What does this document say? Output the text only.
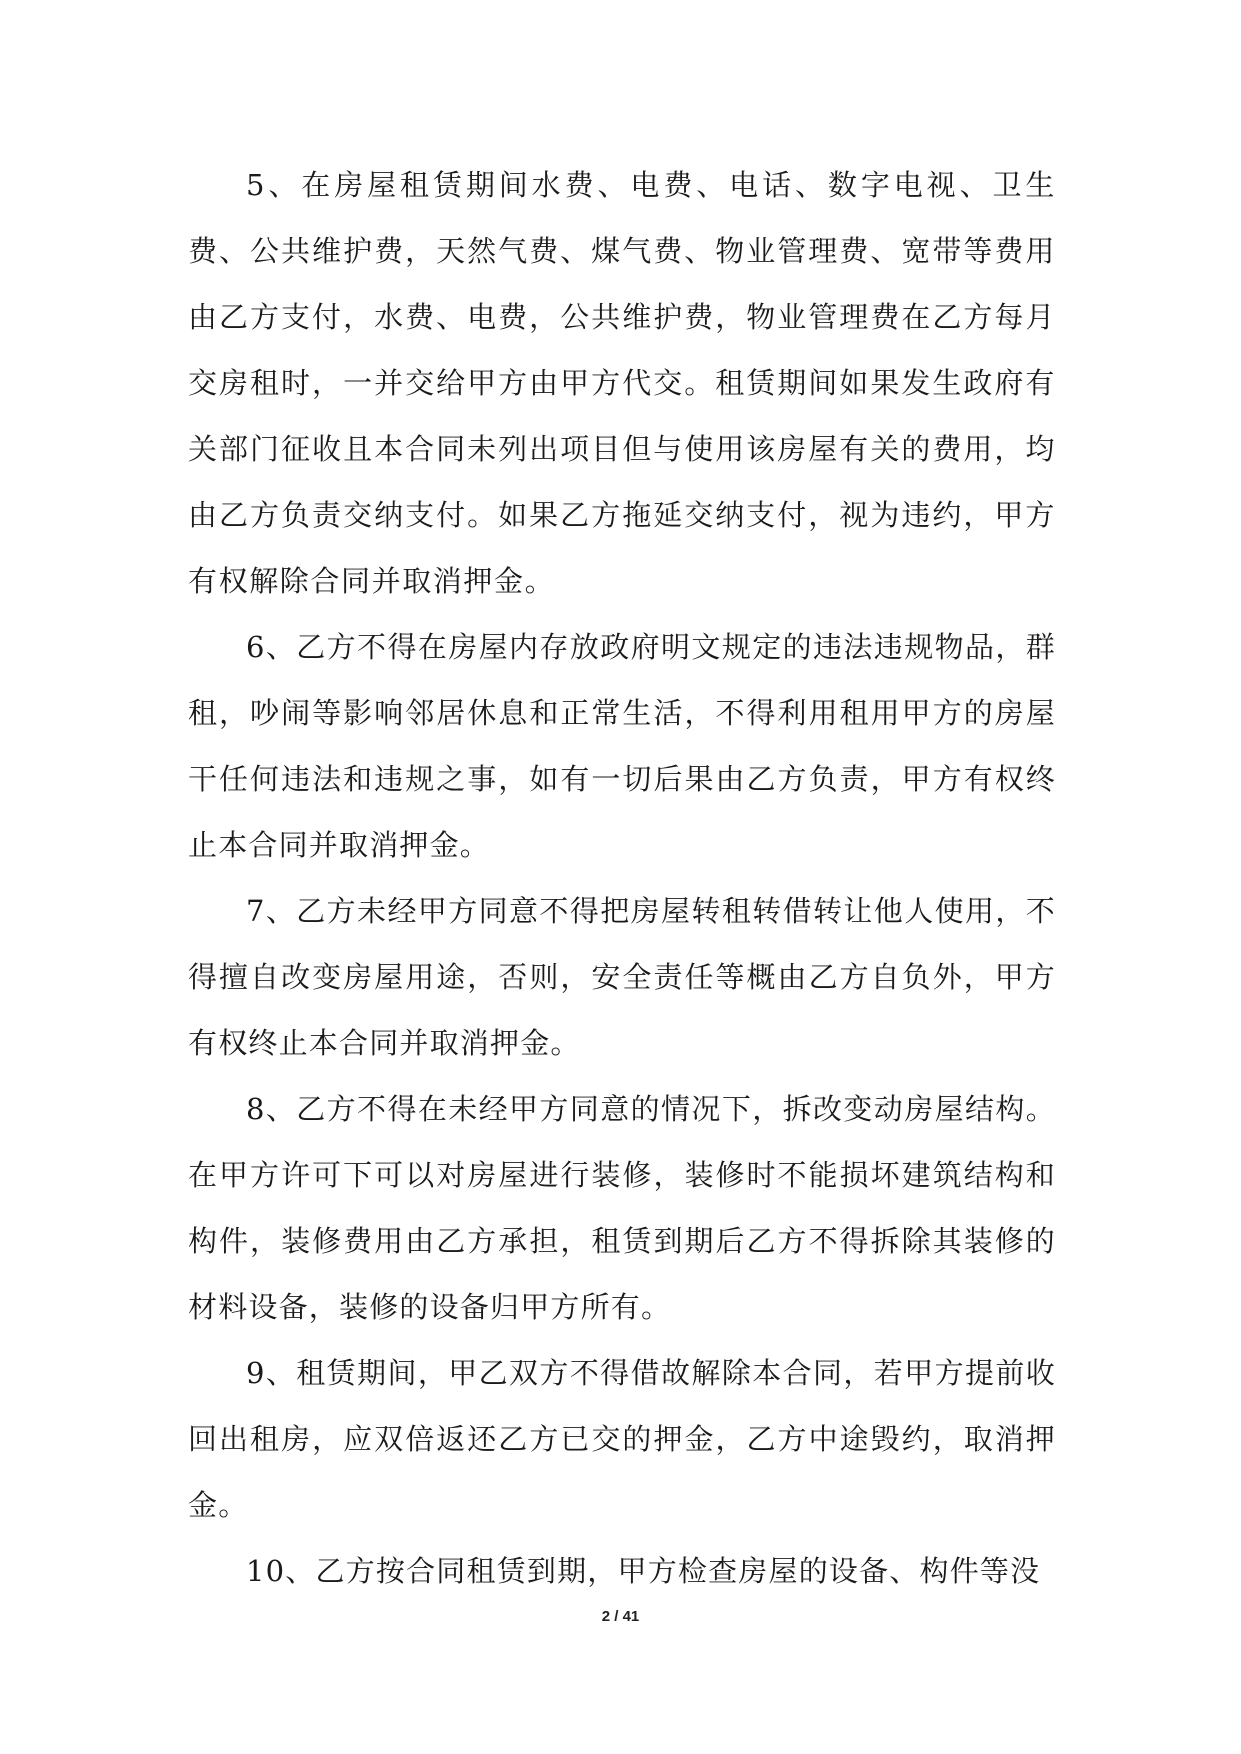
5、在房屋租赁期间水费、电费、电话、数字电视、卫生费、公共维护费，天然气费、煤气费、物业管理费、宽带等费用由乙方支付，水费、电费，公共维护费，物业管理费在乙方每月交房租时，一并交给甲方由甲方代交。租赁期间如果发生政府有关部门征收且本合同未列出项目但与使用该房屋有关的费用，均由乙方负责交纳支付。如果乙方拖延交纳支付，视为违约，甲方有权解除合同并取消押金。

6、乙方不得在房屋内存放政府明文规定的违法违规物品，群租，吵闹等影响邻居休息和正常生活，不得利用租用甲方的房屋干任何违法和违规之事，如有一切后果由乙方负责，甲方有权终止本合同并取消押金。

7、乙方未经甲方同意不得把房屋转租转借转让他人使用，不得擅自改变房屋用途，否则，安全责任等概由乙方自负外，甲方有权终止本合同并取消押金。

8、乙方不得在未经甲方同意的情况下，拆改变动房屋结构。在甲方许可下可以对房屋进行装修，装修时不能损坏建筑结构和构件，装修费用由乙方承担，租赁到期后乙方不得拆除其装修的材料设备，装修的设备归甲方所有。

9、租赁期间，甲乙双方不得借故解除本合同，若甲方提前收回出租房，应双倍返还乙方已交的押金，乙方中途毁约，取消押金。

10、乙方按合同租赁到期，甲方检查房屋的设备、构件等没

2 / 41
